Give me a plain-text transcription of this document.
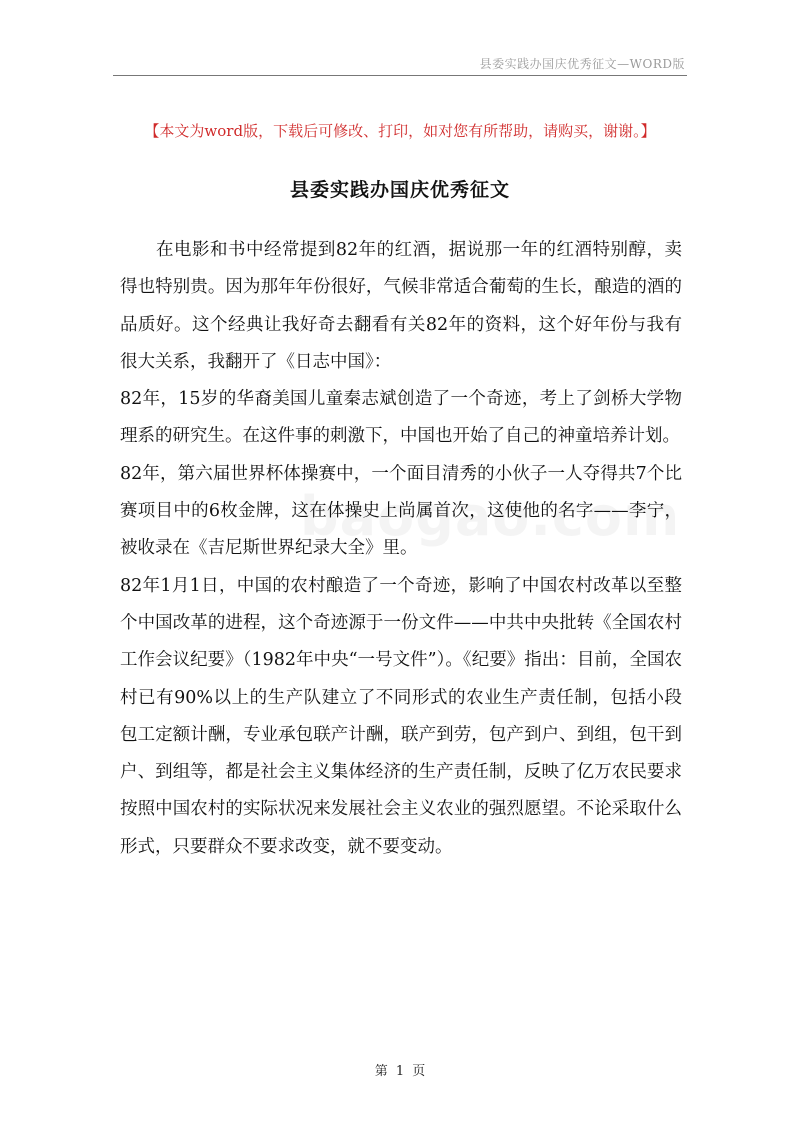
县委实践办国庆优秀征文—WORD版
【本文为word版，下载后可修改、打印，如对您有所帮助，请购买，谢谢。】
县委实践办国庆优秀征文

在电影和书中经常提到82年的红酒，据说那一年的红酒特别醇，卖得也特别贵。因为那年年份很好，气候非常适合葡萄的生长，酿造的酒的品质好。这个经典让我好奇去翻看有关82年的资料，这个好年份与我有很大关系，我翻开了《日志中国》：

82年，15岁的华裔美国儿童秦志斌创造了一个奇迹，考上了剑桥大学物理系的研究生。在这件事的刺激下，中国也开始了自己的神童培养计划。

82年，第六届世界杯体操赛中，一个面目清秀的小伙子一人夺得共7个比赛项目中的6枚金牌，这在体操史上尚属首次，这使他的名字——李宁，被收录在《吉尼斯世界纪录大全》里。

82年1月1日，中国的农村酿造了一个奇迹，影响了中国农村改革以至整个中国改革的进程，这个奇迹源于一份文件——中共中央批转《全国农村工作会议纪要》（1982年中央“一号文件”）。《纪要》指出：目前，全国农村已有90%以上的生产队建立了不同形式的农业生产责任制，包括小段包工定额计酬，专业承包联产计酬，联产到劳，包产到户、到组，包干到户、到组等，都是社会主义集体经济的生产责任制，反映了亿万农民要求按照中国农村的实际状况来发展社会主义农业的强烈愿望。不论采取什么形式，只要群众不要求改变，就不要变动。

第 1 页
